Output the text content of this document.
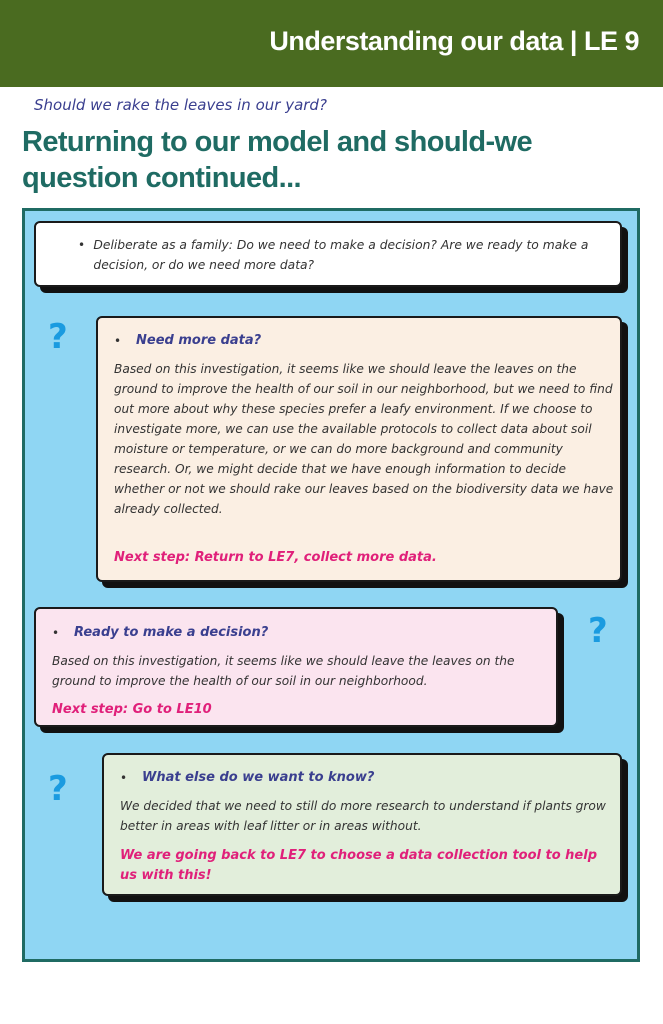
Understanding our data | LE 9
Should we rake the leaves in our yard?
Returning to our model and should-we question continued...
• Deliberate as a family: Do we need to make a decision? Are we ready to make a decision, or do we need more data?
?	•	Need more data?
Based on this investigation, it seems like we should leave the leaves on the ground to improve the health of our soil in our neighborhood, but we need to find out more about why these species prefer a leafy environment. If we choose to investigate more, we can use the available protocols to collect data about soil moisture or temperature, or we can do more background and community research. Or, we might decide that we have enough information to decide whether or not we should rake our leaves based on the biodiversity data we have already collected.
Next step: Return to LE7, collect more data.
•	Ready to make a decision?
Based on this investigation, it seems like we should leave the leaves on the ground to improve the health of our soil in our neighborhood.
Next step: Go to LE10
?
?	•	What else do we want to know?
We decided that we need to still do more research to understand if plants grow better in areas with leaf litter or in areas without.
We are going back to LE7 to choose a data collection tool to help us with this!
